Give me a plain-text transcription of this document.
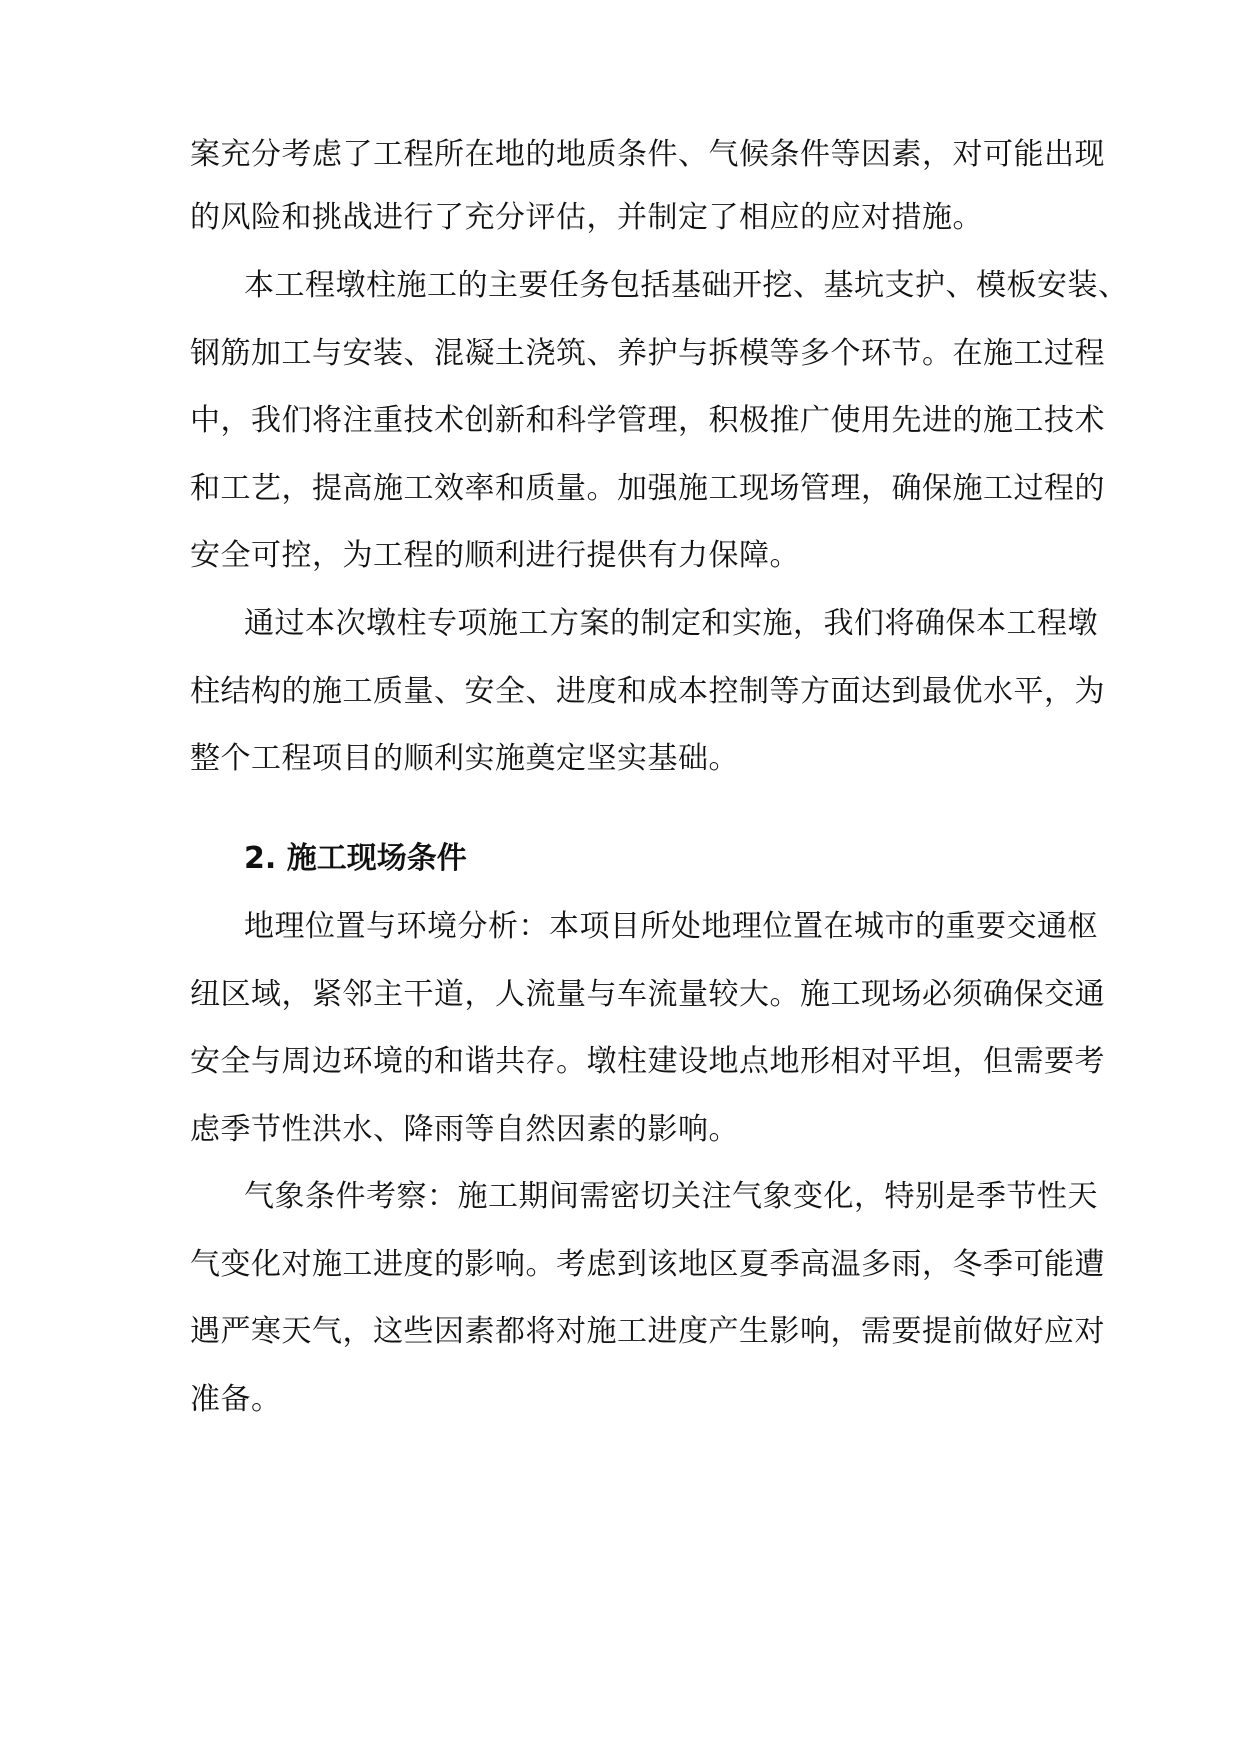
案充分考虑了工程所在地的地质条件、气候条件等因素，对可能出现
的风险和挑战进行了充分评估，并制定了相应的应对措施。
本工程墩柱施工的主要任务包括基础开挖、基坑支护、模板安装、
钢筋加工与安装、混凝土浇筑、养护与拆模等多个环节。在施工过程
中，我们将注重技术创新和科学管理，积极推广使用先进的施工技术
和工艺，提高施工效率和质量。加强施工现场管理，确保施工过程的
安全可控，为工程的顺利进行提供有力保障。
通过本次墩柱专项施工方案的制定和实施，我们将确保本工程墩
柱结构的施工质量、安全、进度和成本控制等方面达到最优水平，为
整个工程项目的顺利实施奠定坚实基础。
2. 施工现场条件
地理位置与环境分析：本项目所处地理位置在城市的重要交通枢
纽区域，紧邻主干道，人流量与车流量较大。施工现场必须确保交通
安全与周边环境的和谐共存。墩柱建设地点地形相对平坦，但需要考
虑季节性洪水、降雨等自然因素的影响。
气象条件考察：施工期间需密切关注气象变化，特别是季节性天
气变化对施工进度的影响。考虑到该地区夏季高温多雨，冬季可能遭
遇严寒天气，这些因素都将对施工进度产生影响，需要提前做好应对
准备。
